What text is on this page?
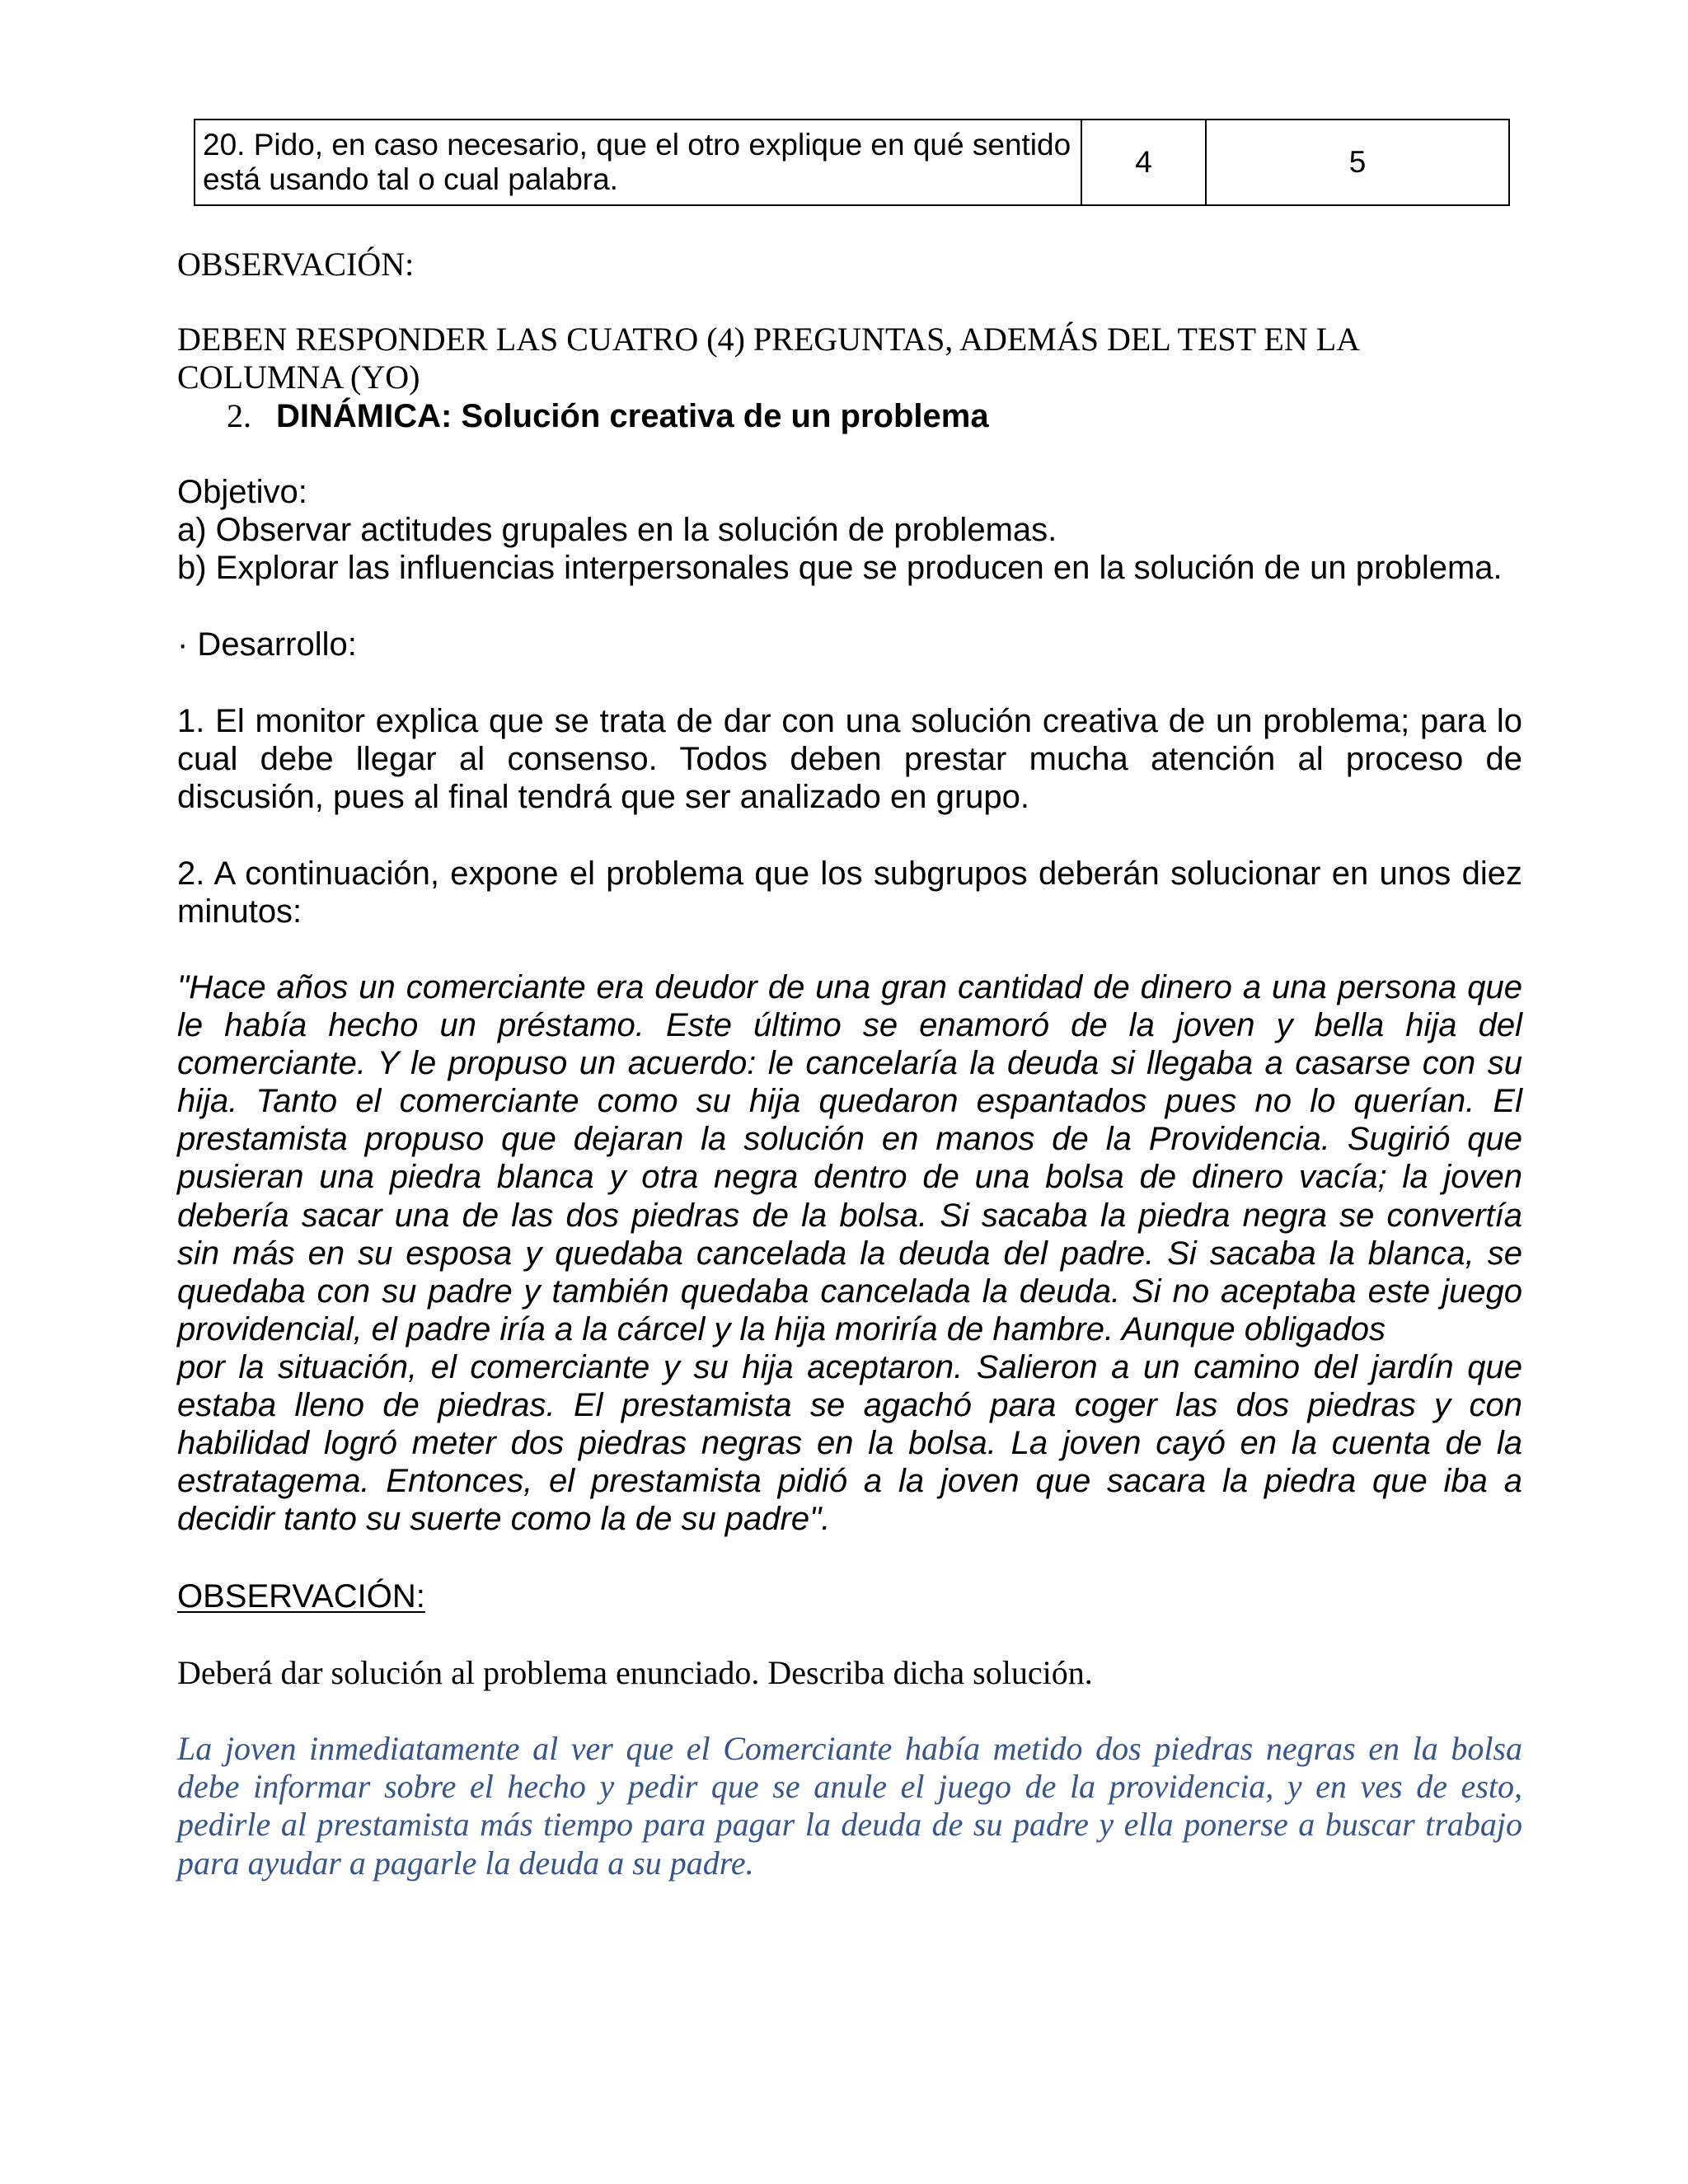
20. Pido, en caso necesario, que el otro explique en qué sentido
está usando tal o cual palabra.
	4	5
OBSERVACIÓN:
DEBEN RESPONDER LAS CUATRO (4) PREGUNTAS, ADEMÁS DEL TEST EN LA
COLUMNA (YO)
2. DINÁMICA: Solución creativa de un problema
Objetivo:
a) Observar actitudes grupales en la solución de problemas.
b) Explorar las influencias interpersonales que se producen en la solución de un problema.
· Desarrollo:
1. El monitor explica que se trata de dar con una solución creativa de un problema; para lo
cual debe llegar al consenso. Todos deben prestar mucha atención al proceso de
discusión, pues al final tendrá que ser analizado en grupo.
2. A continuación, expone el problema que los subgrupos deberán solucionar en unos diez
minutos:
"Hace años un comerciante era deudor de una gran cantidad de dinero a una persona que
le había hecho un préstamo. Este último se enamoró de la joven y bella hija del
comerciante. Y le propuso un acuerdo: le cancelaría la deuda si llegaba a casarse con su
hija. Tanto el comerciante como su hija quedaron espantados pues no lo querían. El
prestamista propuso que dejaran la solución en manos de la Providencia. Sugirió que
pusieran una piedra blanca y otra negra dentro de una bolsa de dinero vacía; la joven
debería sacar una de las dos piedras de la bolsa. Si sacaba la piedra negra se convertía
sin más en su esposa y quedaba cancelada la deuda del padre. Si sacaba la blanca, se
quedaba con su padre y también quedaba cancelada la deuda. Si no aceptaba este juego
providencial, el padre iría a la cárcel y la hija moriría de hambre. Aunque obligados
por la situación, el comerciante y su hija aceptaron. Salieron a un camino del jardín que
estaba lleno de piedras. El prestamista se agachó para coger las dos piedras y con
habilidad logró meter dos piedras negras en la bolsa. La joven cayó en la cuenta de la
estratagema. Entonces, el prestamista pidió a la joven que sacara la piedra que iba a
decidir tanto su suerte como la de su padre".
OBSERVACIÓN:
Deberá dar solución al problema enunciado. Describa dicha solución.
La joven inmediatamente al ver que el Comerciante había metido dos piedras negras en la bolsa
debe informar sobre el hecho y pedir que se anule el juego de la providencia, y en ves de esto,
pedirle al prestamista más tiempo para pagar la deuda de su padre y ella ponerse a buscar trabajo
para ayudar a pagarle la deuda a su padre.
